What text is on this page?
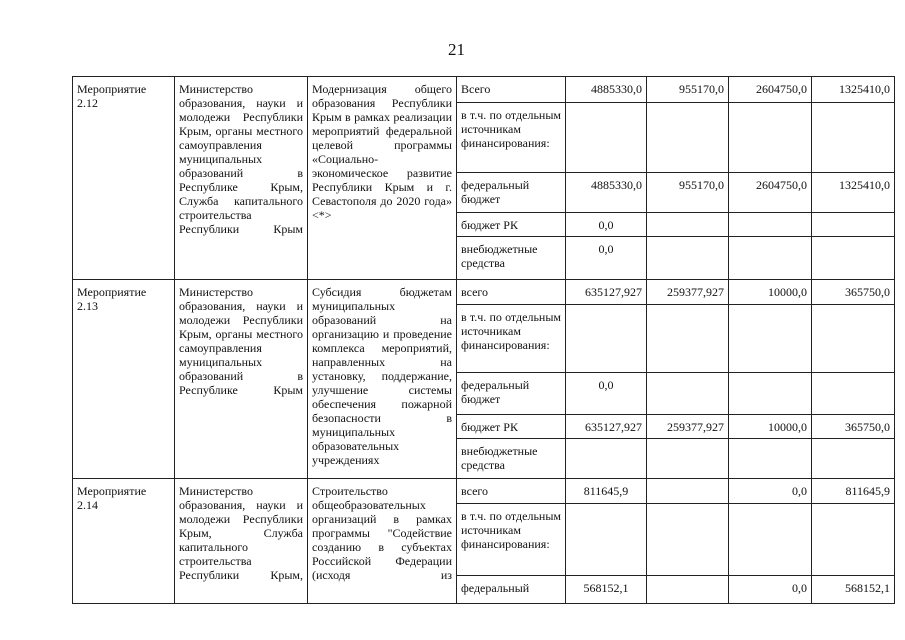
21
Мероприятие 2.12	Министерство образования, науки и молодежи Республики Крым, органы местного самоуправления муниципальных образований в Республике Крым, Служба капитального строительства Республики Крым	Модернизация общего образования Республики Крым в рамках реализации мероприятий федеральной целевой программы «Социально-экономическое развитие Республики Крым и г. Севастополя до 2020 года» <*>	Всего	4885330,0	955170,0	2604750,0	1325410,0
			в т.ч. по отдельным источникам финансирования:				
			федеральный бюджет	4885330,0	955170,0	2604750,0	1325410,0
			бюджет РК	0,0			
			внебюджетные средства	0,0			
Мероприятие 2.13	Министерство образования, науки и молодежи Республики Крым, органы местного самоуправления муниципальных образований в Республике Крым	Субсидия бюджетам муниципальных образований на организацию и проведение комплекса мероприятий, направленных на установку, поддержание, улучшение системы обеспечения пожарной безопасности в муниципальных образовательных учреждениях	всего	635127,927	259377,927	10000,0	365750,0
			в т.ч. по отдельным источникам финансирования:				
			федеральный бюджет	0,0			
			бюджет РК	635127,927	259377,927	10000,0	365750,0
			внебюджетные средства				
Мероприятие 2.14	Министерство образования, науки и молодежи Республики Крым, Служба капитального строительства Республики Крым,	Строительство общеобразовательных организаций в рамках программы "Содействие созданию в субъектах Российской Федерации (исходя из	всего	811645,9		0,0	811645,9
			в т.ч. по отдельным источникам финансирования:				
			федеральный	568152,1		0,0	568152,1
